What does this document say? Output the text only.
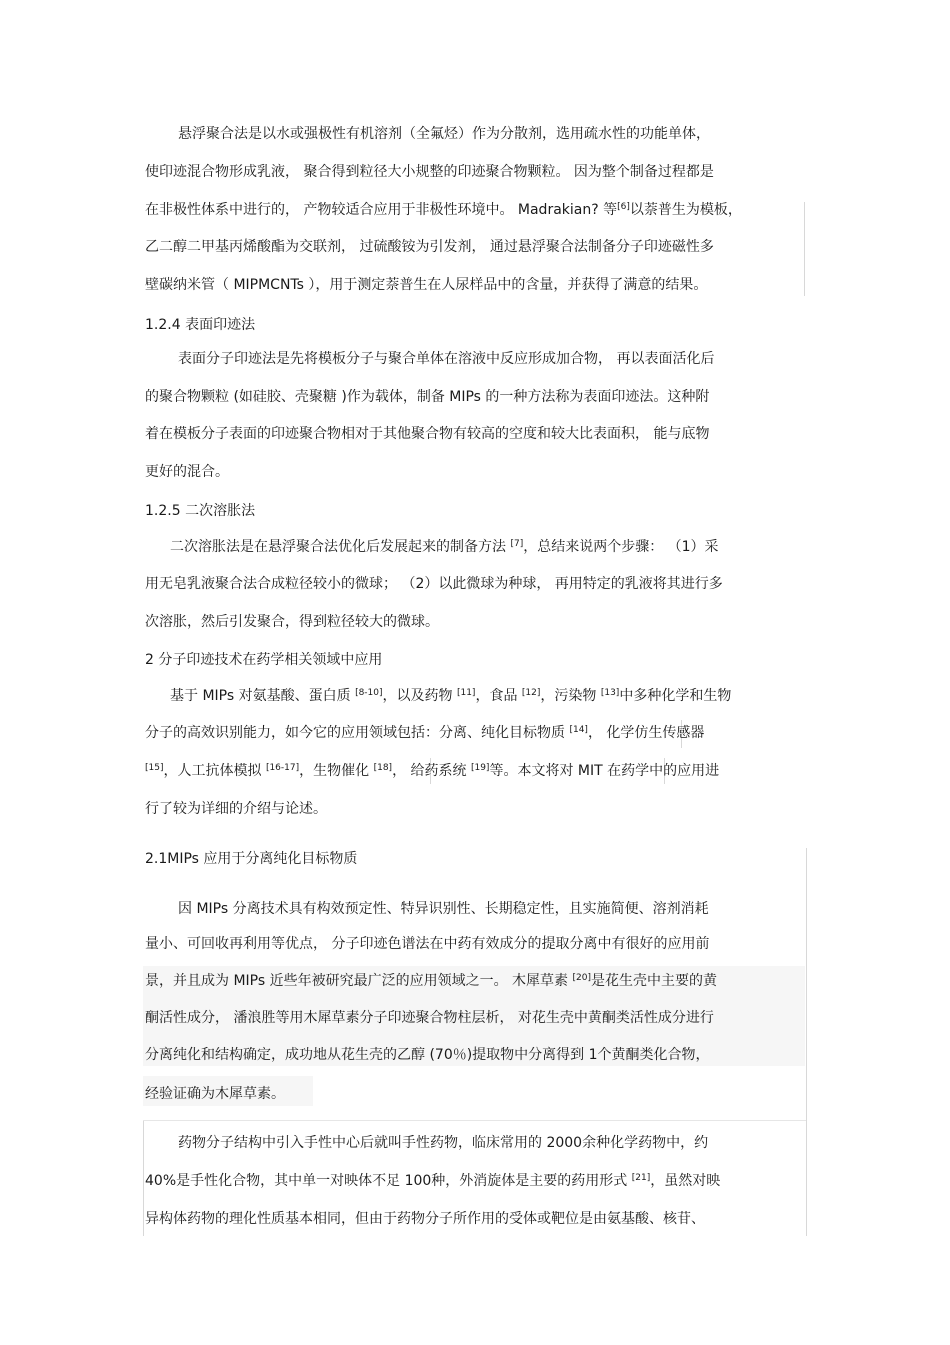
悬浮聚合法是以水或强极性有机溶剂（全氟烃）作为分散剂，选用疏水性的功能单体，
使印迹混合物形成乳液， 聚合得到粒径大小规整的印迹聚合物颗粒。 因为整个制备过程都是
在非极性体系中进行的， 产物较适合应用于非极性环境中。 Madrakian? 等[6]以萘普生为模板，
乙二醇二甲基丙烯酸酯为交联剂， 过硫酸铵为引发剂， 通过悬浮聚合法制备分子印迹磁性多
壁碳纳米管（ MIPMCNTs ），用于测定萘普生在人尿样品中的含量，并获得了满意的结果。
1.2.4 表面印迹法
表面分子印迹法是先将模板分子与聚合单体在溶液中反应形成加合物， 再以表面活化后
的聚合物颗粒 (如硅胶、壳聚糖 )作为载体，制备 MIPs 的一种方法称为表面印迹法。这种附
着在模板分子表面的印迹聚合物相对于其他聚合物有较高的空度和较大比表面积， 能与底物
更好的混合。
1.2.5 二次溶胀法
二次溶胀法是在悬浮聚合法优化后发展起来的制备方法 [7]，总结来说两个步骤： （1）采
用无皂乳液聚合法合成粒径较小的微球； （2）以此微球为种球， 再用特定的乳液将其进行多
次溶胀，然后引发聚合，得到粒径较大的微球。
2 分子印迹技术在药学相关领域中应用
基于 MIPs 对氨基酸、蛋白质 [8-10]，以及药物 [11]，食品 [12]，污染物 [13]中多种化学和生物
分子的高效识别能力，如今它的应用领域包括：分离、纯化目标物质 [14]， 化学仿生传感器
[15]，人工抗体模拟 [16-17]，生物催化 [18]， 给药系统 [19]等。本文将对 MIT 在药学中的应用进
行了较为详细的介绍与论述。
2.1MIPs 应用于分离纯化目标物质
因 MIPs 分离技术具有构效预定性、特异识别性、长期稳定性，且实施简便、溶剂消耗
量小、可回收再利用等优点， 分子印迹色谱法在中药有效成分的提取分离中有很好的应用前
景，并且成为 MIPs 近些年被研究最广泛的应用领域之一。 木犀草素 [20]是花生壳中主要的黄
酮活性成分， 潘浪胜等用木犀草素分子印迹聚合物柱层析， 对花生壳中黄酮类活性成分进行
分离纯化和结构确定，成功地从花生壳的乙醇 (70％)提取物中分离得到 1个黄酮类化合物，
经验证确为木犀草素。
药物分子结构中引入手性中心后就叫手性药物，临床常用的 2000余种化学药物中，约
40%是手性化合物，其中单一对映体不足 100种，外消旋体是主要的药用形式 [21]，虽然对映
异构体药物的理化性质基本相同，但由于药物分子所作用的受体或靶位是由氨基酸、核苷、
